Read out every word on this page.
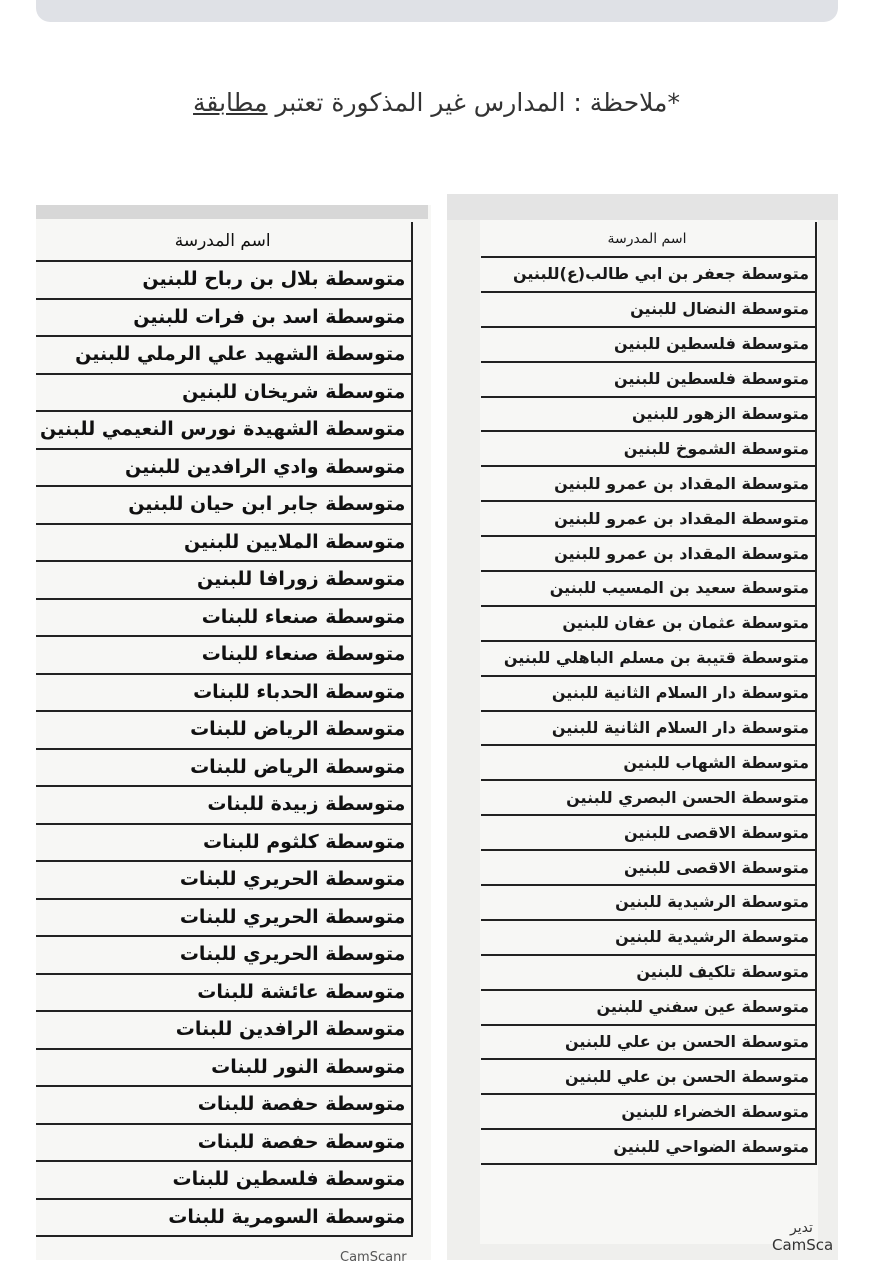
*ملاحظة : المدارس غير المذكورة تعتبر مطابقة
اسم المدرسة
متوسطة بلال بن رباح للبنين
متوسطة اسد بن فرات للبنين
متوسطة الشهيد علي الرملي للبنين
متوسطة شريخان للبنين
متوسطة الشهيدة نورس النعيمي للبنين
متوسطة وادي الرافدين للبنين
متوسطة جابر ابن حيان للبنين
متوسطة الملايين للبنين
متوسطة زورافا للبنين
متوسطة صنعاء للبنات
متوسطة صنعاء للبنات
متوسطة الحدباء للبنات
متوسطة الرياض للبنات
متوسطة الرياض للبنات
متوسطة زبيدة للبنات
متوسطة كلثوم للبنات
متوسطة الحريري للبنات
متوسطة الحريري للبنات
متوسطة الحريري للبنات
متوسطة عائشة للبنات
متوسطة الرافدين للبنات
متوسطة النور للبنات
متوسطة حفصة للبنات
متوسطة حفصة للبنات
متوسطة فلسطين للبنات
متوسطة السومرية للبنات
اسم المدرسة
متوسطة جعفر بن ابي طالب(ع)للبنين
متوسطة النضال للبنين
متوسطة فلسطين للبنين
متوسطة فلسطين للبنين
متوسطة الزهور للبنين
متوسطة الشموخ للبنين
متوسطة المقداد بن عمرو للبنين
متوسطة المقداد بن عمرو للبنين
متوسطة المقداد بن عمرو للبنين
متوسطة سعيد بن المسيب للبنين
متوسطة عثمان بن عفان للبنين
متوسطة قتيبة بن مسلم الباهلي للبنين
متوسطة دار السلام الثانية للبنين
متوسطة دار السلام الثانية للبنين
متوسطة الشهاب للبنين
متوسطة الحسن البصري للبنين
متوسطة الاقصى للبنين
متوسطة الاقصى للبنين
متوسطة الرشيدية للبنين
متوسطة الرشيدية للبنين
متوسطة تلكيف للبنين
متوسطة عين سفني للبنين
متوسطة الحسن بن علي للبنين
متوسطة الحسن بن علي للبنين
متوسطة الخضراء للبنين
متوسطة الضواحي للبنين
CamScanr
تدير
CamSca
